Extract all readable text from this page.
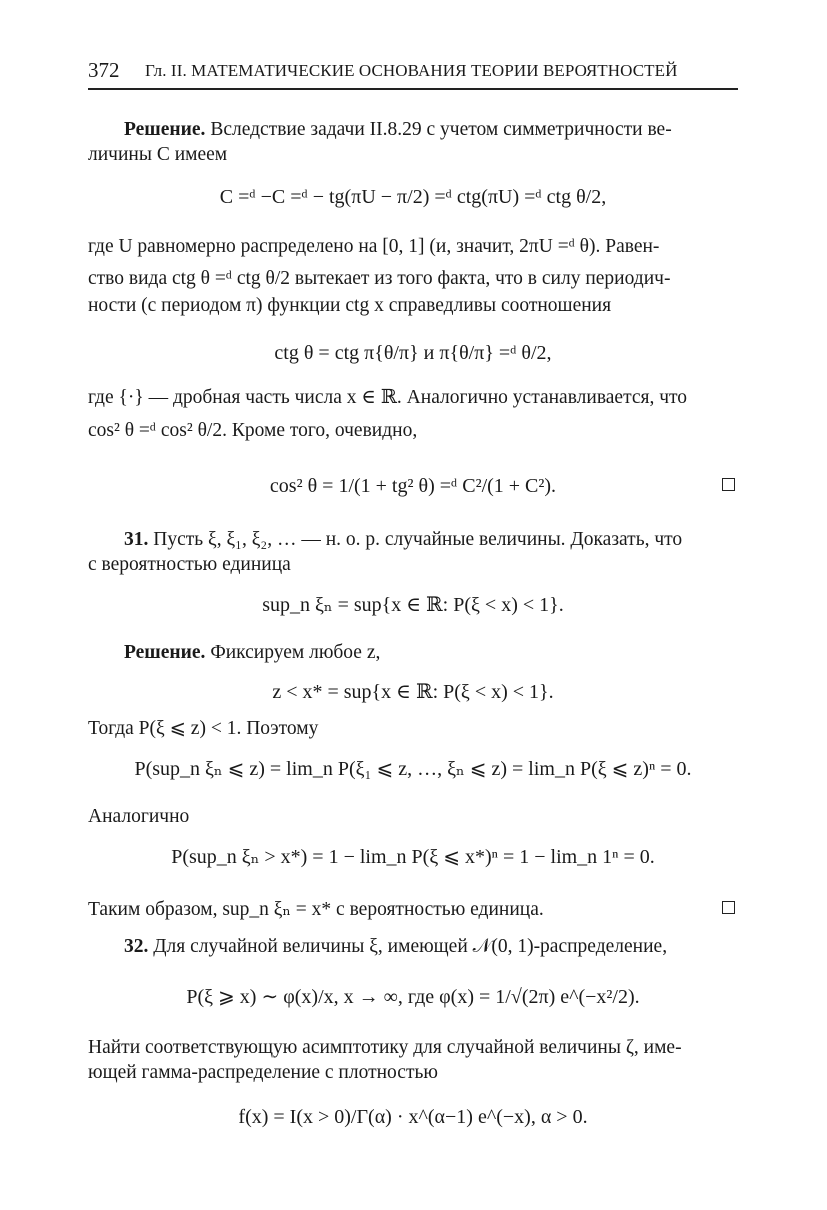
372 Гл. II. МАТЕМАТИЧЕСКИЕ ОСНОВАНИЯ ТЕОРИИ ВЕРОЯТНОСТЕЙ
Решение. Вследствие задачи II.8.29 с учетом симметричности ве-
личины C имеем
C =ᵈ −C =ᵈ − tg(πU − π/2) =ᵈ ctg(πU) =ᵈ ctg θ/2,
где U равномерно распределено на [0, 1] (и, значит, 2πU =ᵈ θ). Равен-
ство вида ctg θ =ᵈ ctg θ/2 вытекает из того факта, что в силу периодич-
ности (с периодом π) функции ctg x справедливы соотношения
ctg θ = ctg π{θ/π} и π{θ/π} =ᵈ θ/2,
где {·} — дробная часть числа x ∈ ℝ. Аналогично устанавливается, что
cos² θ =ᵈ cos² θ/2. Кроме того, очевидно,
cos² θ = 1/(1 + tg² θ) =ᵈ C²/(1 + C²).
31. Пусть ξ, ξ₁, ξ₂, … — н. о. р. случайные величины. Доказать, что
с вероятностью единица
sup_n ξₙ = sup{x ∈ ℝ: P(ξ < x) < 1}.
Решение. Фиксируем любое z,
z < x* = sup{x ∈ ℝ: P(ξ < x) < 1}.
Тогда P(ξ ⩽ z) < 1. Поэтому
P(sup_n ξₙ ⩽ z) = lim_n P(ξ₁ ⩽ z, …, ξₙ ⩽ z) = lim_n P(ξ ⩽ z)ⁿ = 0.
Аналогично
P(sup_n ξₙ > x*) = 1 − lim_n P(ξ ⩽ x*)ⁿ = 1 − lim_n 1ⁿ = 0.
Таким образом, sup_n ξₙ = x* с вероятностью единица.
32. Для случайной величины ξ, имеющей 𝒩(0, 1)-распределение,
P(ξ ⩾ x) ∼ φ(x)/x, x → ∞, где φ(x) = 1/√(2π) e^(−x²/2).
Найти соответствующую асимптотику для случайной величины ζ, име-
ющей гамма-распределение с плотностью
f(x) = I(x > 0)/Γ(α) · x^(α−1) e^(−x), α > 0.
